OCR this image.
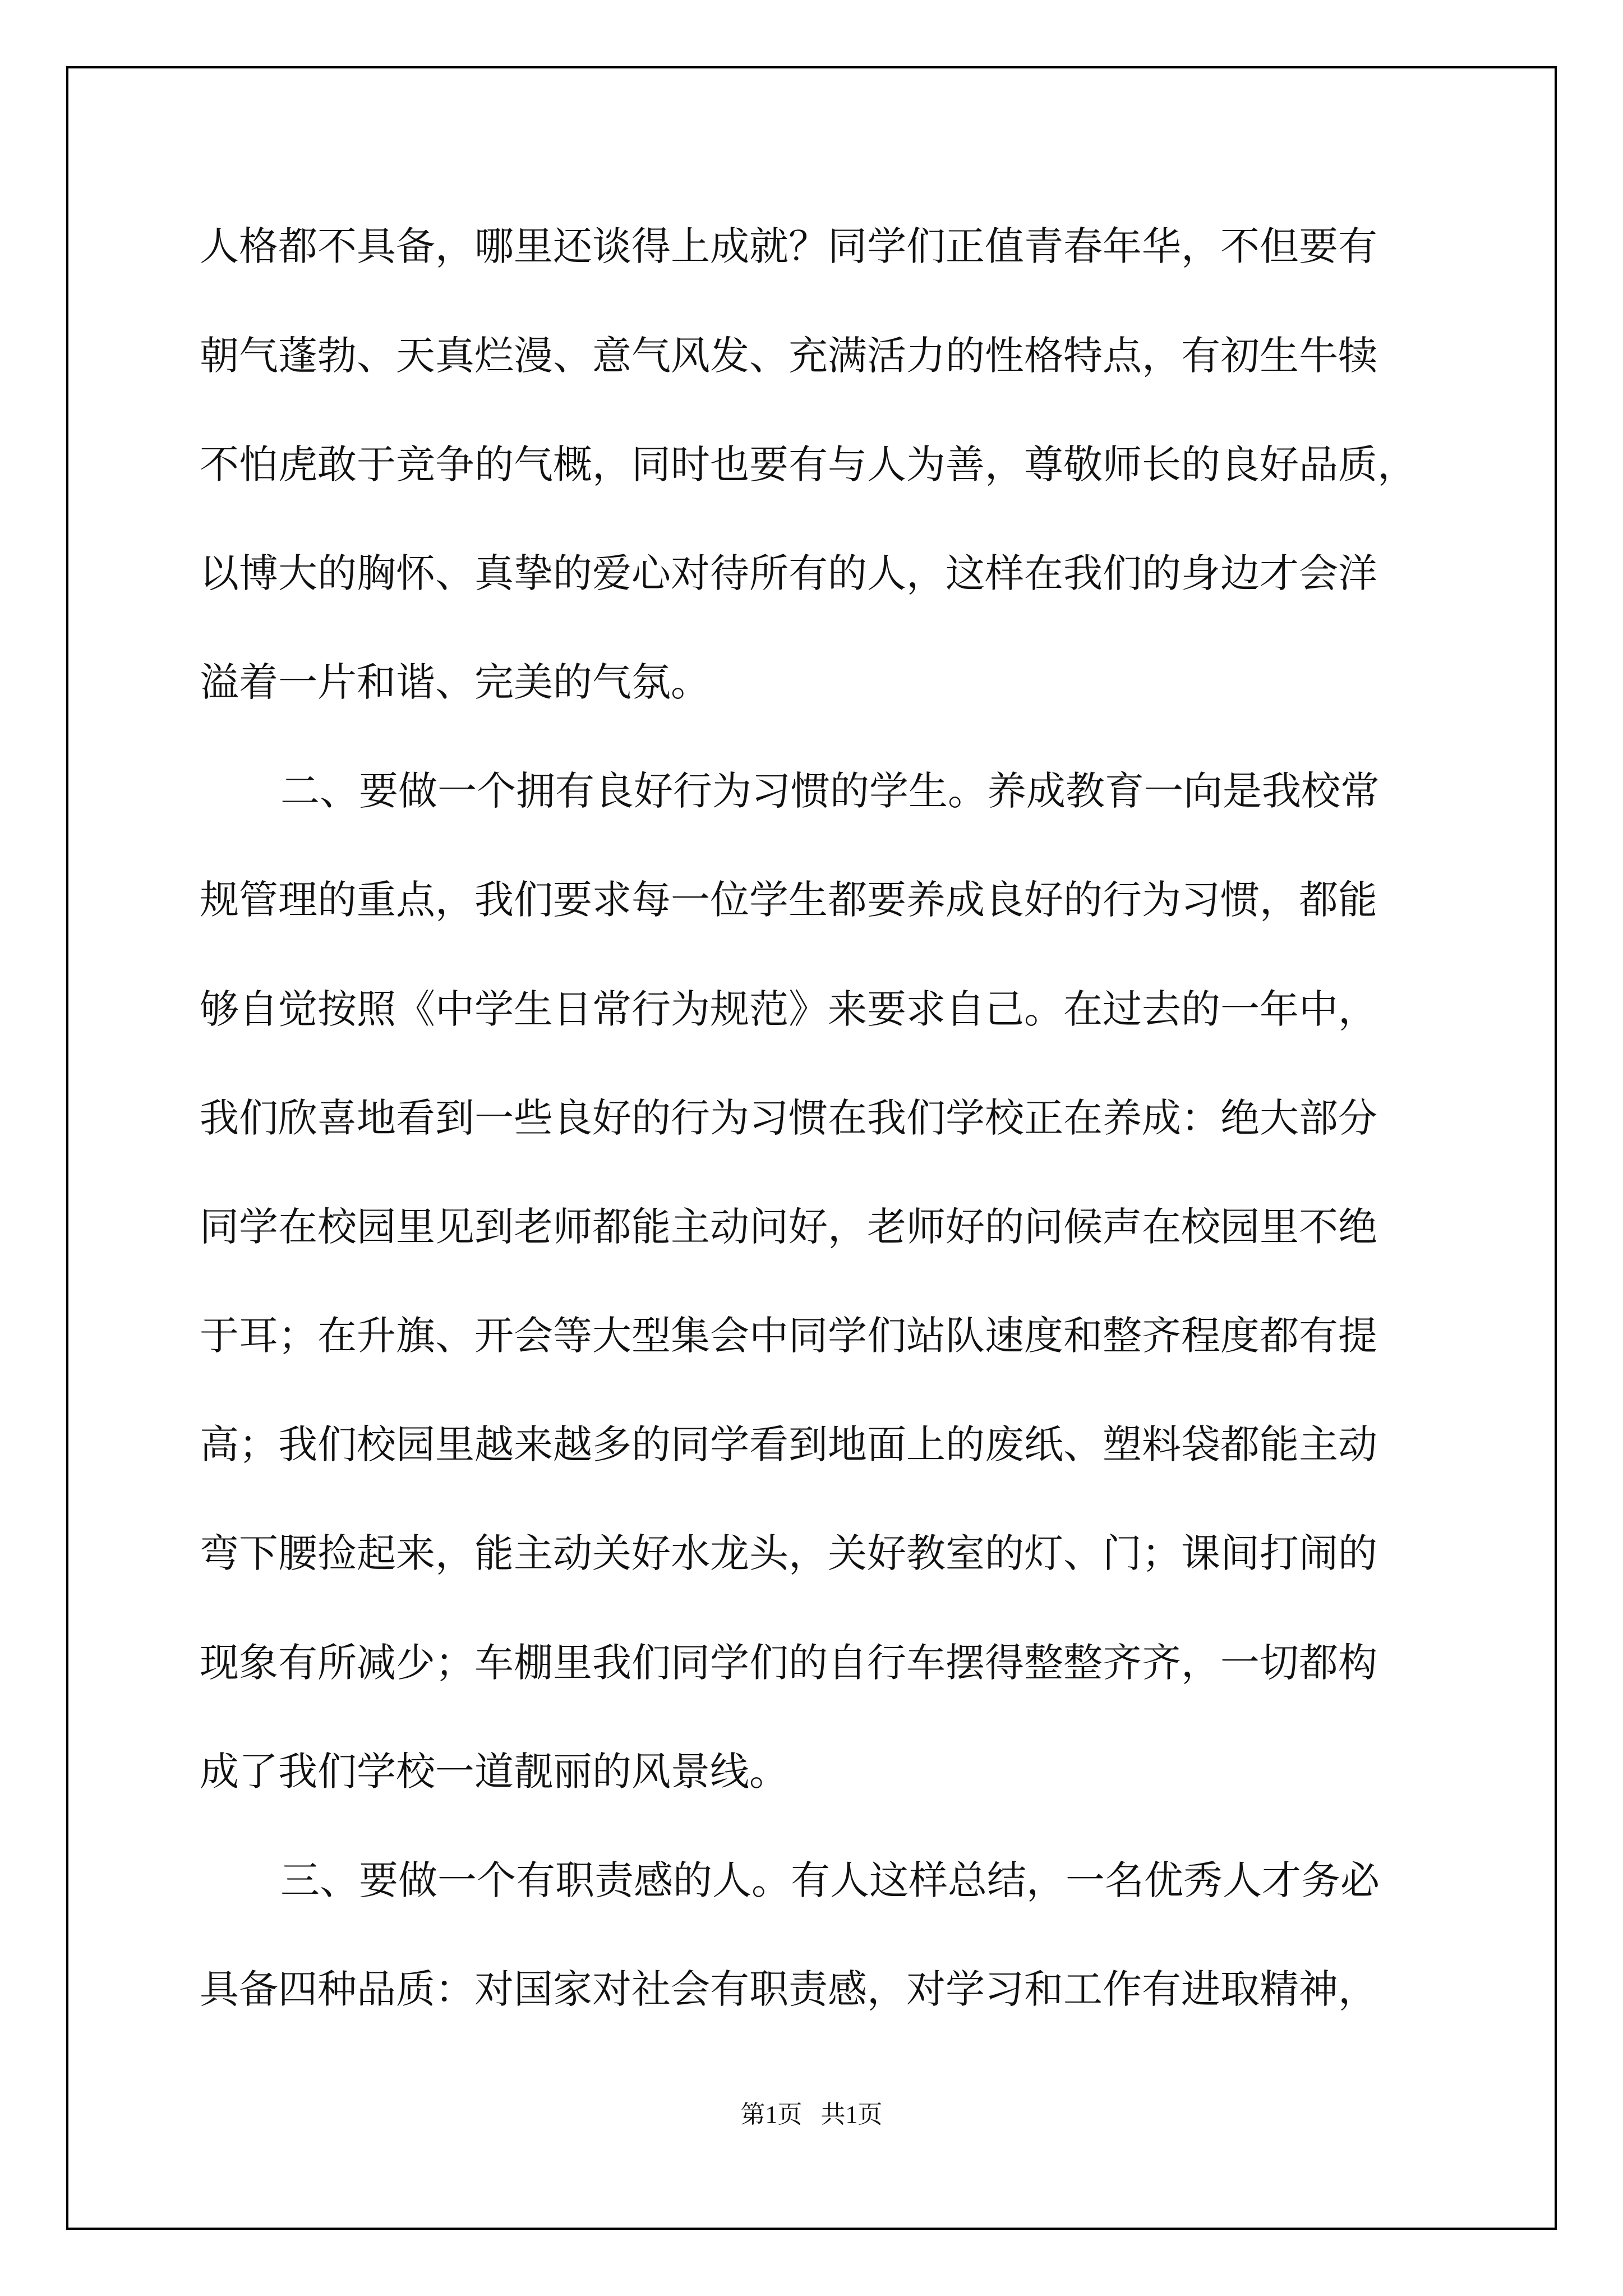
人格都不具备，哪里还谈得上成就？同学们正值青春年华，不但要有

朝气蓬勃、天真烂漫、意气风发、充满活力的性格特点，有初生牛犊

不怕虎敢于竞争的气概，同时也要有与人为善，尊敬师长的良好品质，

以博大的胸怀、真挚的爱心对待所有的人，这样在我们的身边才会洋

溢着一片和谐、完美的气氛。

二、要做一个拥有良好行为习惯的学生。养成教育一向是我校常

规管理的重点，我们要求每一位学生都要养成良好的行为习惯，都能

够自觉按照《中学生日常行为规范》来要求自己。在过去的一年中，

我们欣喜地看到一些良好的行为习惯在我们学校正在养成：绝大部分

同学在校园里见到老师都能主动问好，老师好的问候声在校园里不绝

于耳；在升旗、开会等大型集会中同学们站队速度和整齐程度都有提

高；我们校园里越来越多的同学看到地面上的废纸、塑料袋都能主动

弯下腰捡起来，能主动关好水龙头，关好教室的灯、门；课间打闹的

现象有所减少；车棚里我们同学们的自行车摆得整整齐齐，一切都构

成了我们学校一道靓丽的风景线。

三、要做一个有职责感的人。有人这样总结，一名优秀人才务必

具备四种品质：对国家对社会有职责感，对学习和工作有进取精神，

第1页   共1页
